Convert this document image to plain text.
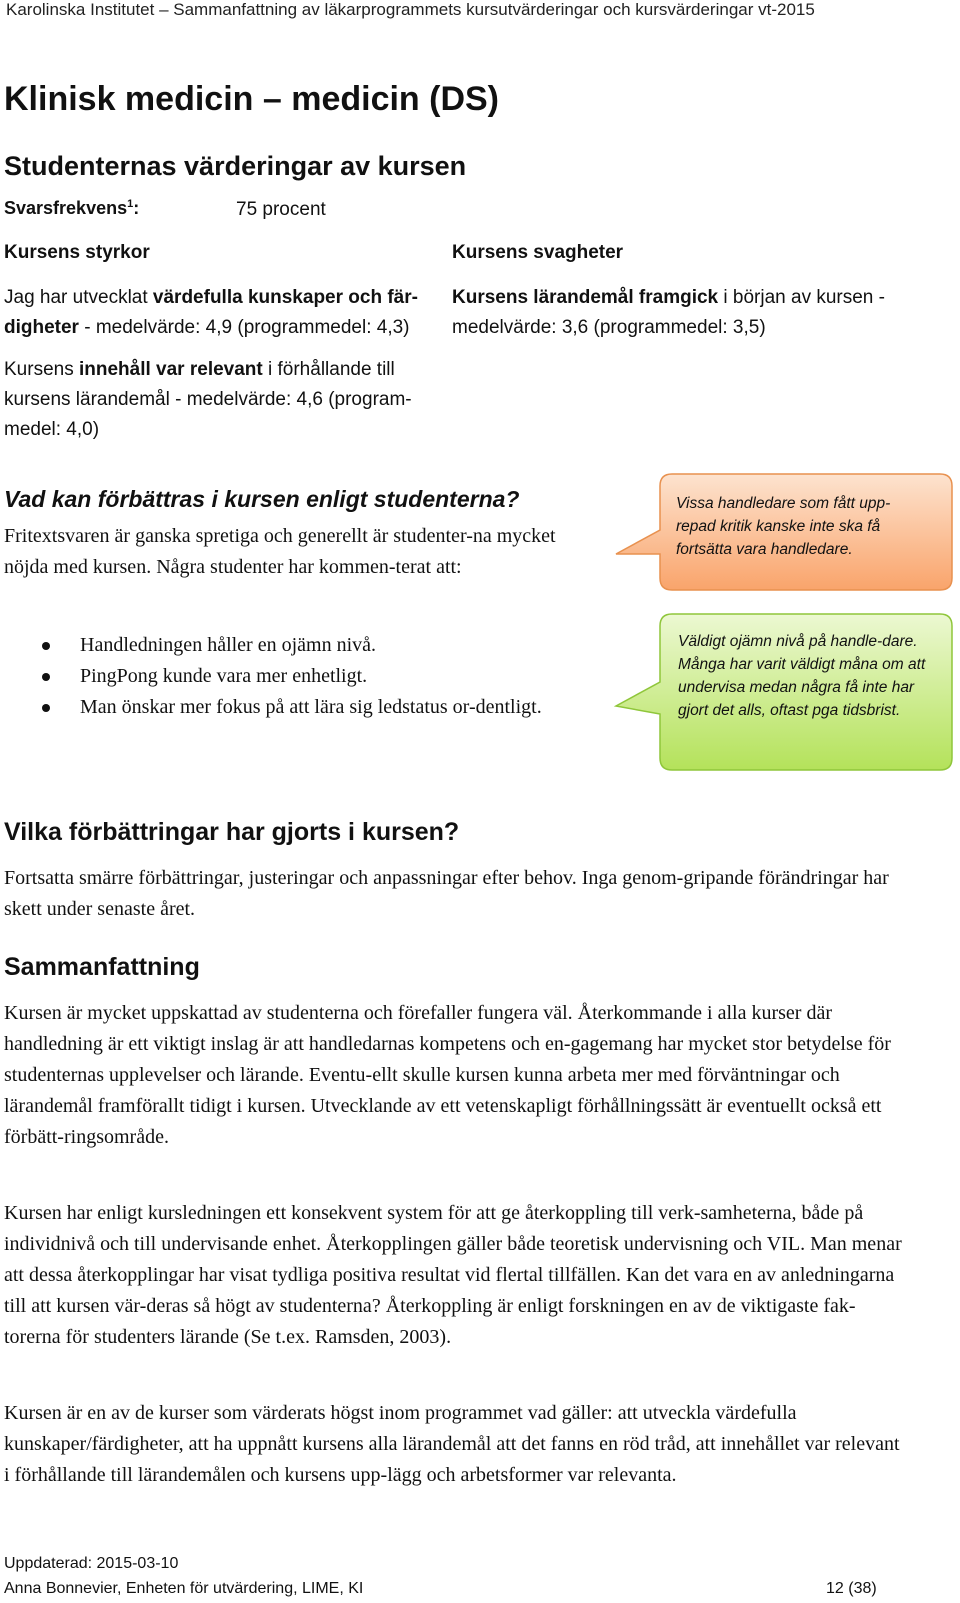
Karolinska Institutet – Sammanfattning av läkarprogrammets kursutvärderingar och kursvärderingar vt-2015
Klinisk medicin – medicin (DS)
Studenternas värderingar av kursen
Svarsfrekvens$^1$:	75 procent
Kursens styrkor	Kursens svagheter
Jag har utvecklat värdefulla kunskaper och fär-digheter - medelvärde: 4,9 (programmedel: 4,3)
Kursens lärandemål framgick i början av kursen - medelvärde: 3,6 (programmedel: 3,5)
Kursens innehåll var relevant i förhållande till kursens lärandemål - medelvärde: 4,6 (program-medel: 4,0)
Vad kan förbättras i kursen enligt studenterna?
Fritextsvaren är ganska spretiga och generellt är studenter-na mycket nöjda med kursen. Några studenter har kommen-terat att:
Handledningen håller en ojämn nivå.
PingPong kunde vara mer enhetligt.
Man önskar mer fokus på att lära sig ledstatus or-dentligt.
Vissa handledare som fått upp-repad kritik kanske inte ska få fortsätta vara handledare.
Väldigt ojämn nivå på handle-dare. Många har varit väldigt måna om att undervisa medan några få inte har gjort det alls, oftast pga tidsbrist.
Vilka förbättringar har gjorts i kursen?
Fortsatta smärre förbättringar, justeringar och anpassningar efter behov. Inga genom-gripande förändringar har skett under senaste året.
Sammanfattning
Kursen är mycket uppskattad av studenterna och förefaller fungera väl. Återkommande i alla kurser där handledning är ett viktigt inslag är att handledarnas kompetens och en-gagemang har mycket stor betydelse för studenternas upplevelser och lärande. Eventu-ellt skulle kursen kunna arbeta mer med förväntningar och lärandemål framförallt tidigt i kursen. Utvecklande av ett vetenskapligt förhållningssätt är eventuellt också ett förbätt-ringsområde.
Kursen har enligt kursledningen ett konsekvent system för att ge återkoppling till verk-samheterna, både på individnivå och till undervisande enhet. Återkopplingen gäller både teoretisk undervisning och VIL. Man menar att dessa återkopplingar har visat tydliga positiva resultat vid flertal tillfällen. Kan det vara en av anledningarna till att kursen vär-deras så högt av studenterna? Återkoppling är enligt forskningen en av de viktigaste fak-torerna för studenters lärande (Se t.ex. Ramsden, 2003).
Kursen är en av de kurser som värderats högst inom programmet vad gäller: att utveckla värdefulla kunskaper/färdigheter, att ha uppnått kursens alla lärandemål att det fanns en röd tråd, att innehållet var relevant i förhållande till lärandemålen och kursens upp-lägg och arbetsformer var relevanta.
Uppdaterad: 2015-03-10
Anna Bonnevier, Enheten för utvärdering, LIME, KI	12 (38)
